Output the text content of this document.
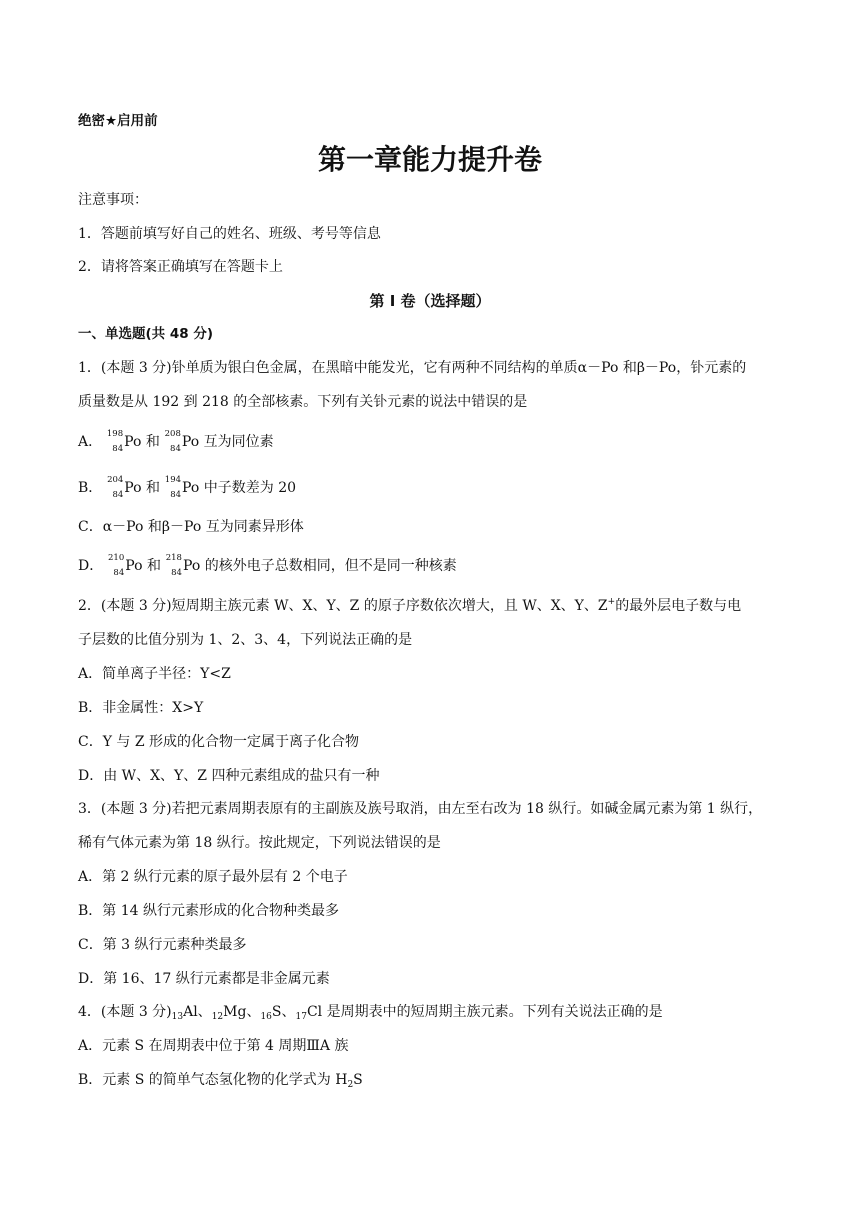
绝密★启用前
第一章能力提升卷
注意事项：
1．答题前填写好自己的姓名、班级、考号等信息
2．请将答案正确填写在答题卡上
第 I 卷（选择题）
一、单选题(共 48 分)
1．(本题 3 分)钋单质为银白色金属，在黑暗中能发光，它有两种不同结构的单质α－Po 和β－Po，钋元素的
质量数是从 192 到 218 的全部核素。下列有关钋元素的说法中错误的是
A． 198
84 Po 和 208
84 Po 互为同位素
B． 204
84 Po 和 194
84 Po 中子数差为 20
C．α－Po 和β－Po 互为同素异形体
D． 210
84 Po 和 218
84 Po 的核外电子总数相同，但不是同一种核素
2．(本题 3 分)短周期主族元素 W、X、Y、Z 的原子序数依次增大，且 W、X、Y、Z+的最外层电子数与电
子层数的比值分别为 1、2、3、4，下列说法正确的是
A．简单离子半径：Y<Z
B．非金属性：X>Y
C．Y 与 Z 形成的化合物一定属于离子化合物
D．由 W、X、Y、Z 四种元素组成的盐只有一种
3．(本题 3 分)若把元素周期表原有的主副族及族号取消，由左至右改为 18 纵行。如碱金属元素为第 1 纵行，
稀有气体元素为第 18 纵行。按此规定，下列说法错误的是
A．第 2 纵行元素的原子最外层有 2 个电子
B．第 14 纵行元素形成的化合物种类最多
C．第 3 纵行元素种类最多
D．第 16、17 纵行元素都是非金属元素
4．(本题 3 分)$_{13}Al$、$_{12}$Mg、$_{16}$S、$_{17}$Cl 是周期表中的短周期主族元素。下列有关说法正确的是
A．元素 S 在周期表中位于第 4 周期ⅢA 族
B．元素 S 的简单气态氢化物的化学式为 $H_2S$
